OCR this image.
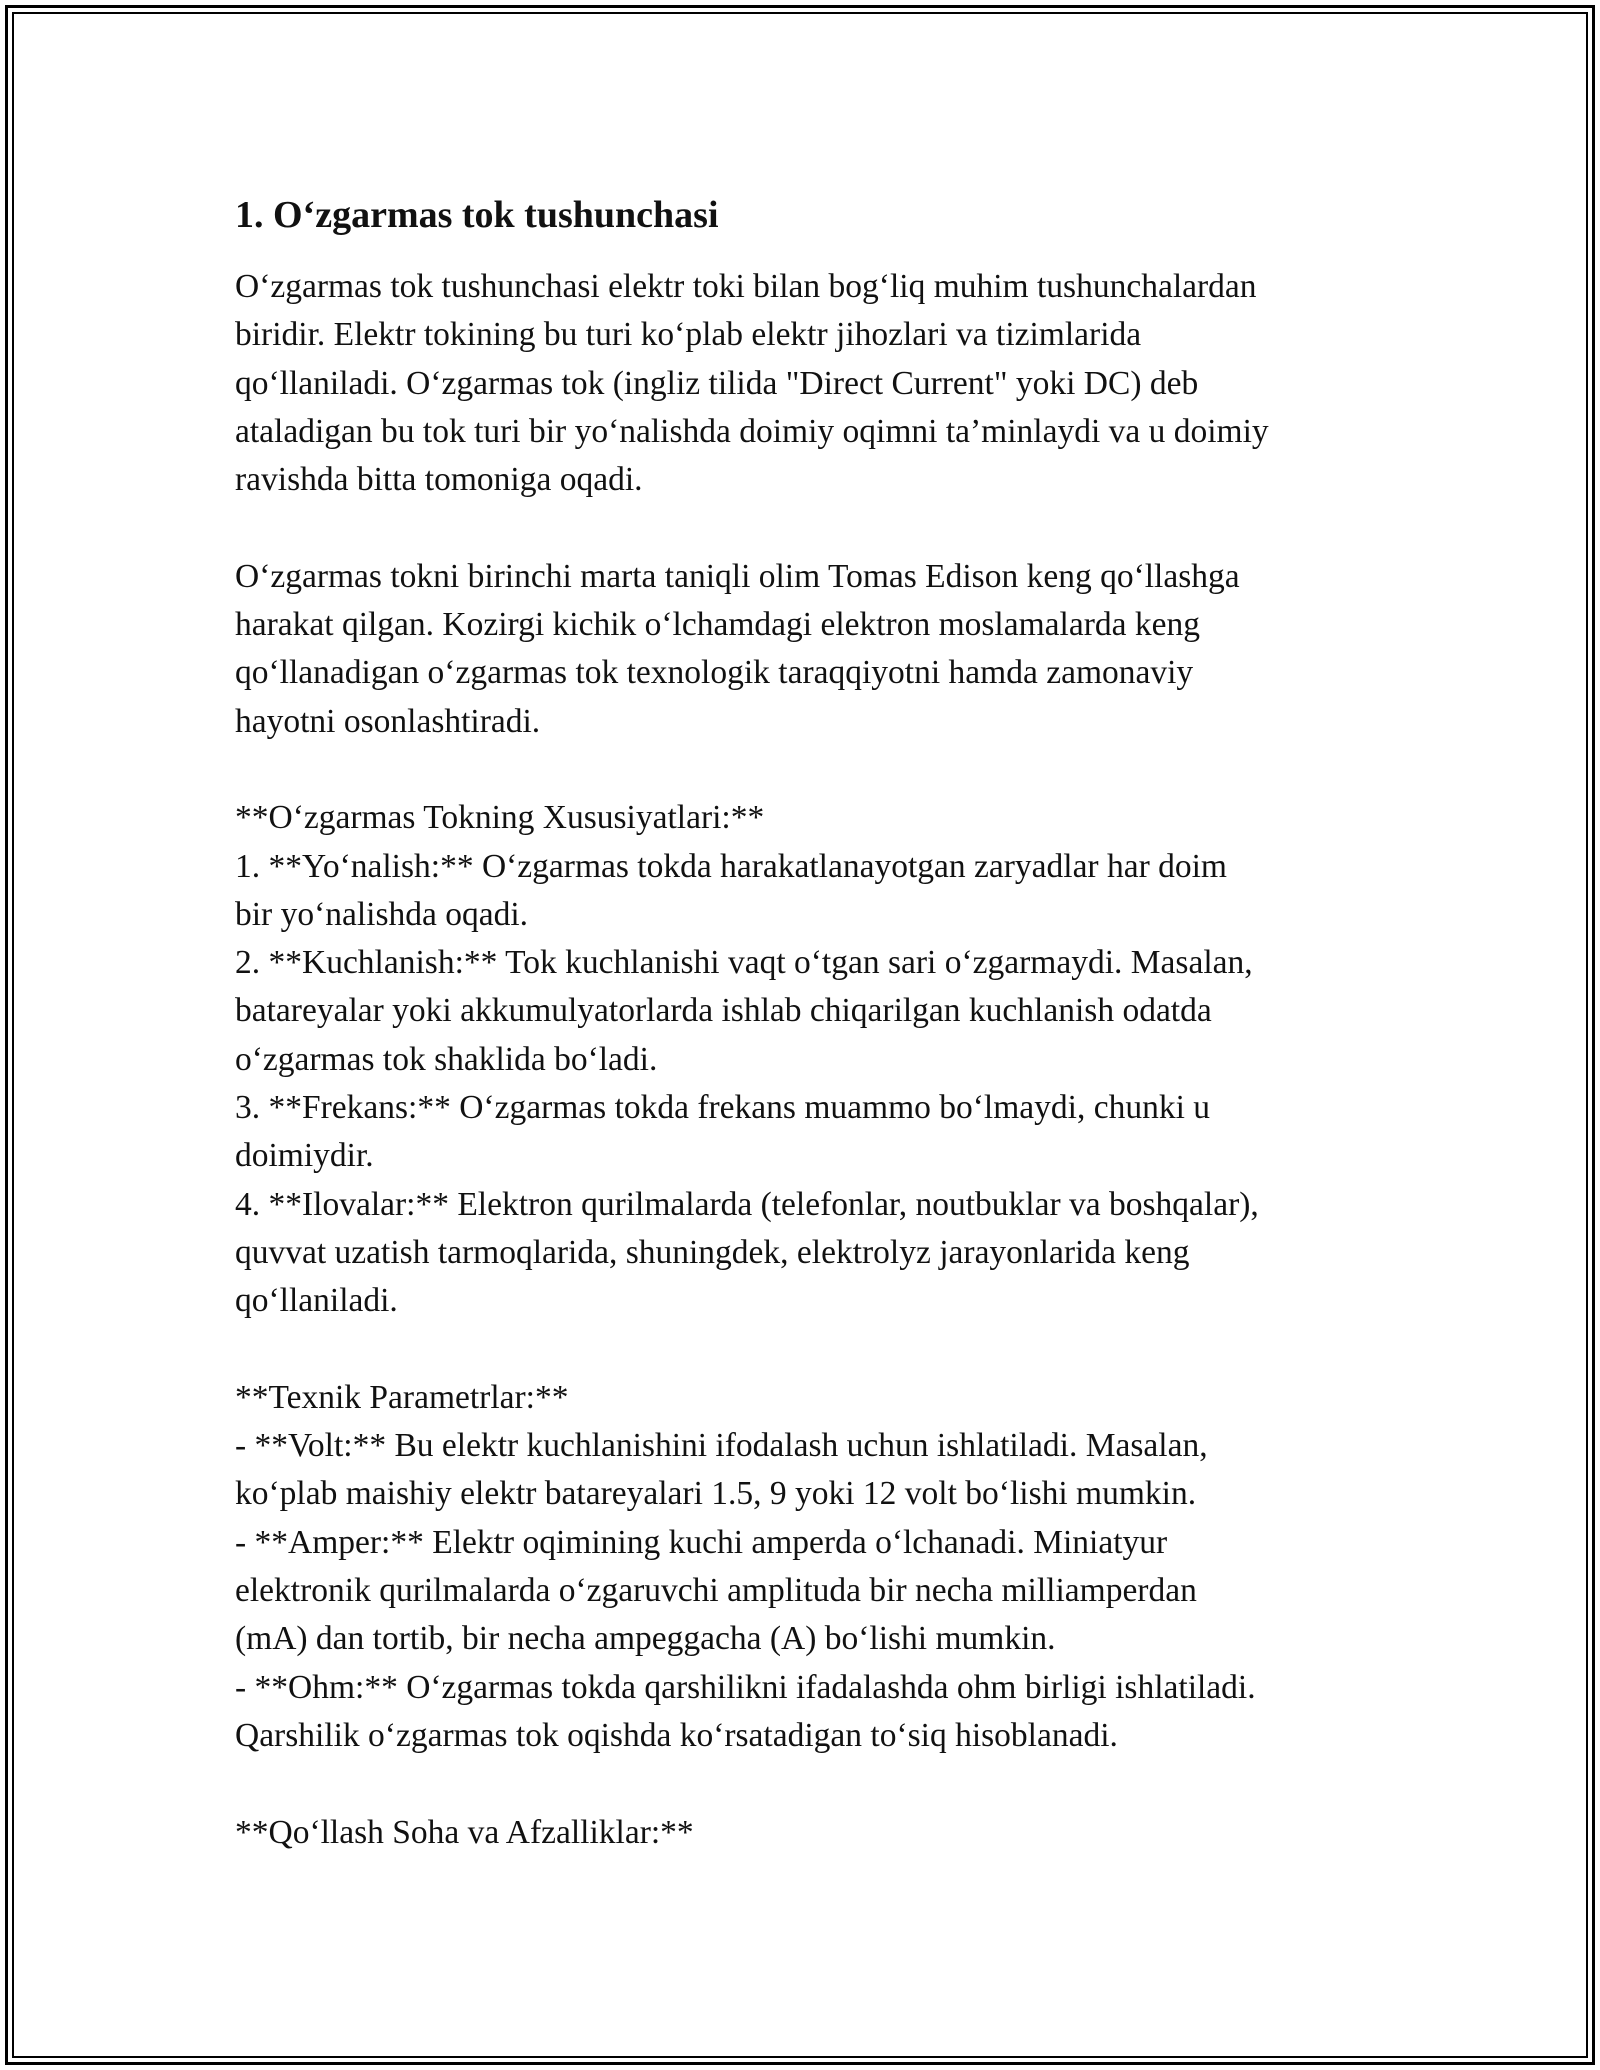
1. O‘zgarmas tok tushunchasi

O‘zgarmas tok tushunchasi elektr toki bilan bog‘liq muhim tushunchalardan
biridir. Elektr tokining bu turi ko‘plab elektr jihozlari va tizimlarida
qo‘llaniladi. O‘zgarmas tok (ingliz tilida "Direct Current" yoki DC) deb
ataladigan bu tok turi bir yo‘nalishda doimiy oqimni ta’minlaydi va u doimiy
ravishda bitta tomoniga oqadi.

O‘zgarmas tokni birinchi marta taniqli olim Tomas Edison keng qo‘llashga
harakat qilgan. Kozirgi kichik o‘lchamdagi elektron moslamalarda keng
qo‘llanadigan o‘zgarmas tok texnologik taraqqiyotni hamda zamonaviy
hayotni osonlashtiradi.

**O‘zgarmas Tokning Xususiyatlari:**
1. **Yo‘nalish:** O‘zgarmas tokda harakatlanayotgan zaryadlar har doim
bir yo‘nalishda oqadi.
2. **Kuchlanish:** Tok kuchlanishi vaqt o‘tgan sari o‘zgarmaydi. Masalan,
batareyalar yoki akkumulyatorlarda ishlab chiqarilgan kuchlanish odatda
o‘zgarmas tok shaklida bo‘ladi.
3. **Frekans:** O‘zgarmas tokda frekans muammo bo‘lmaydi, chunki u
doimiydir.
4. **Ilovalar:** Elektron qurilmalarda (telefonlar, noutbuklar va boshqalar),
quvvat uzatish tarmoqlarida, shuningdek, elektrolyz jarayonlarida keng
qo‘llaniladi.

**Texnik Parametrlar:**
- **Volt:** Bu elektr kuchlanishini ifodalash uchun ishlatiladi. Masalan,
ko‘plab maishiy elektr batareyalari 1.5, 9 yoki 12 volt bo‘lishi mumkin.
- **Amper:** Elektr oqimining kuchi amperda o‘lchanadi. Miniatyur
elektronik qurilmalarda o‘zgaruvchi amplituda bir necha milliamperdan
(mA) dan tortib, bir necha ampeggacha (A) bo‘lishi mumkin.
- **Ohm:** O‘zgarmas tokda qarshilikni ifadalashda ohm birligi ishlatiladi.
Qarshilik o‘zgarmas tok oqishda ko‘rsatadigan to‘siq hisoblanadi.

**Qo‘llash Soha va Afzalliklar:**
